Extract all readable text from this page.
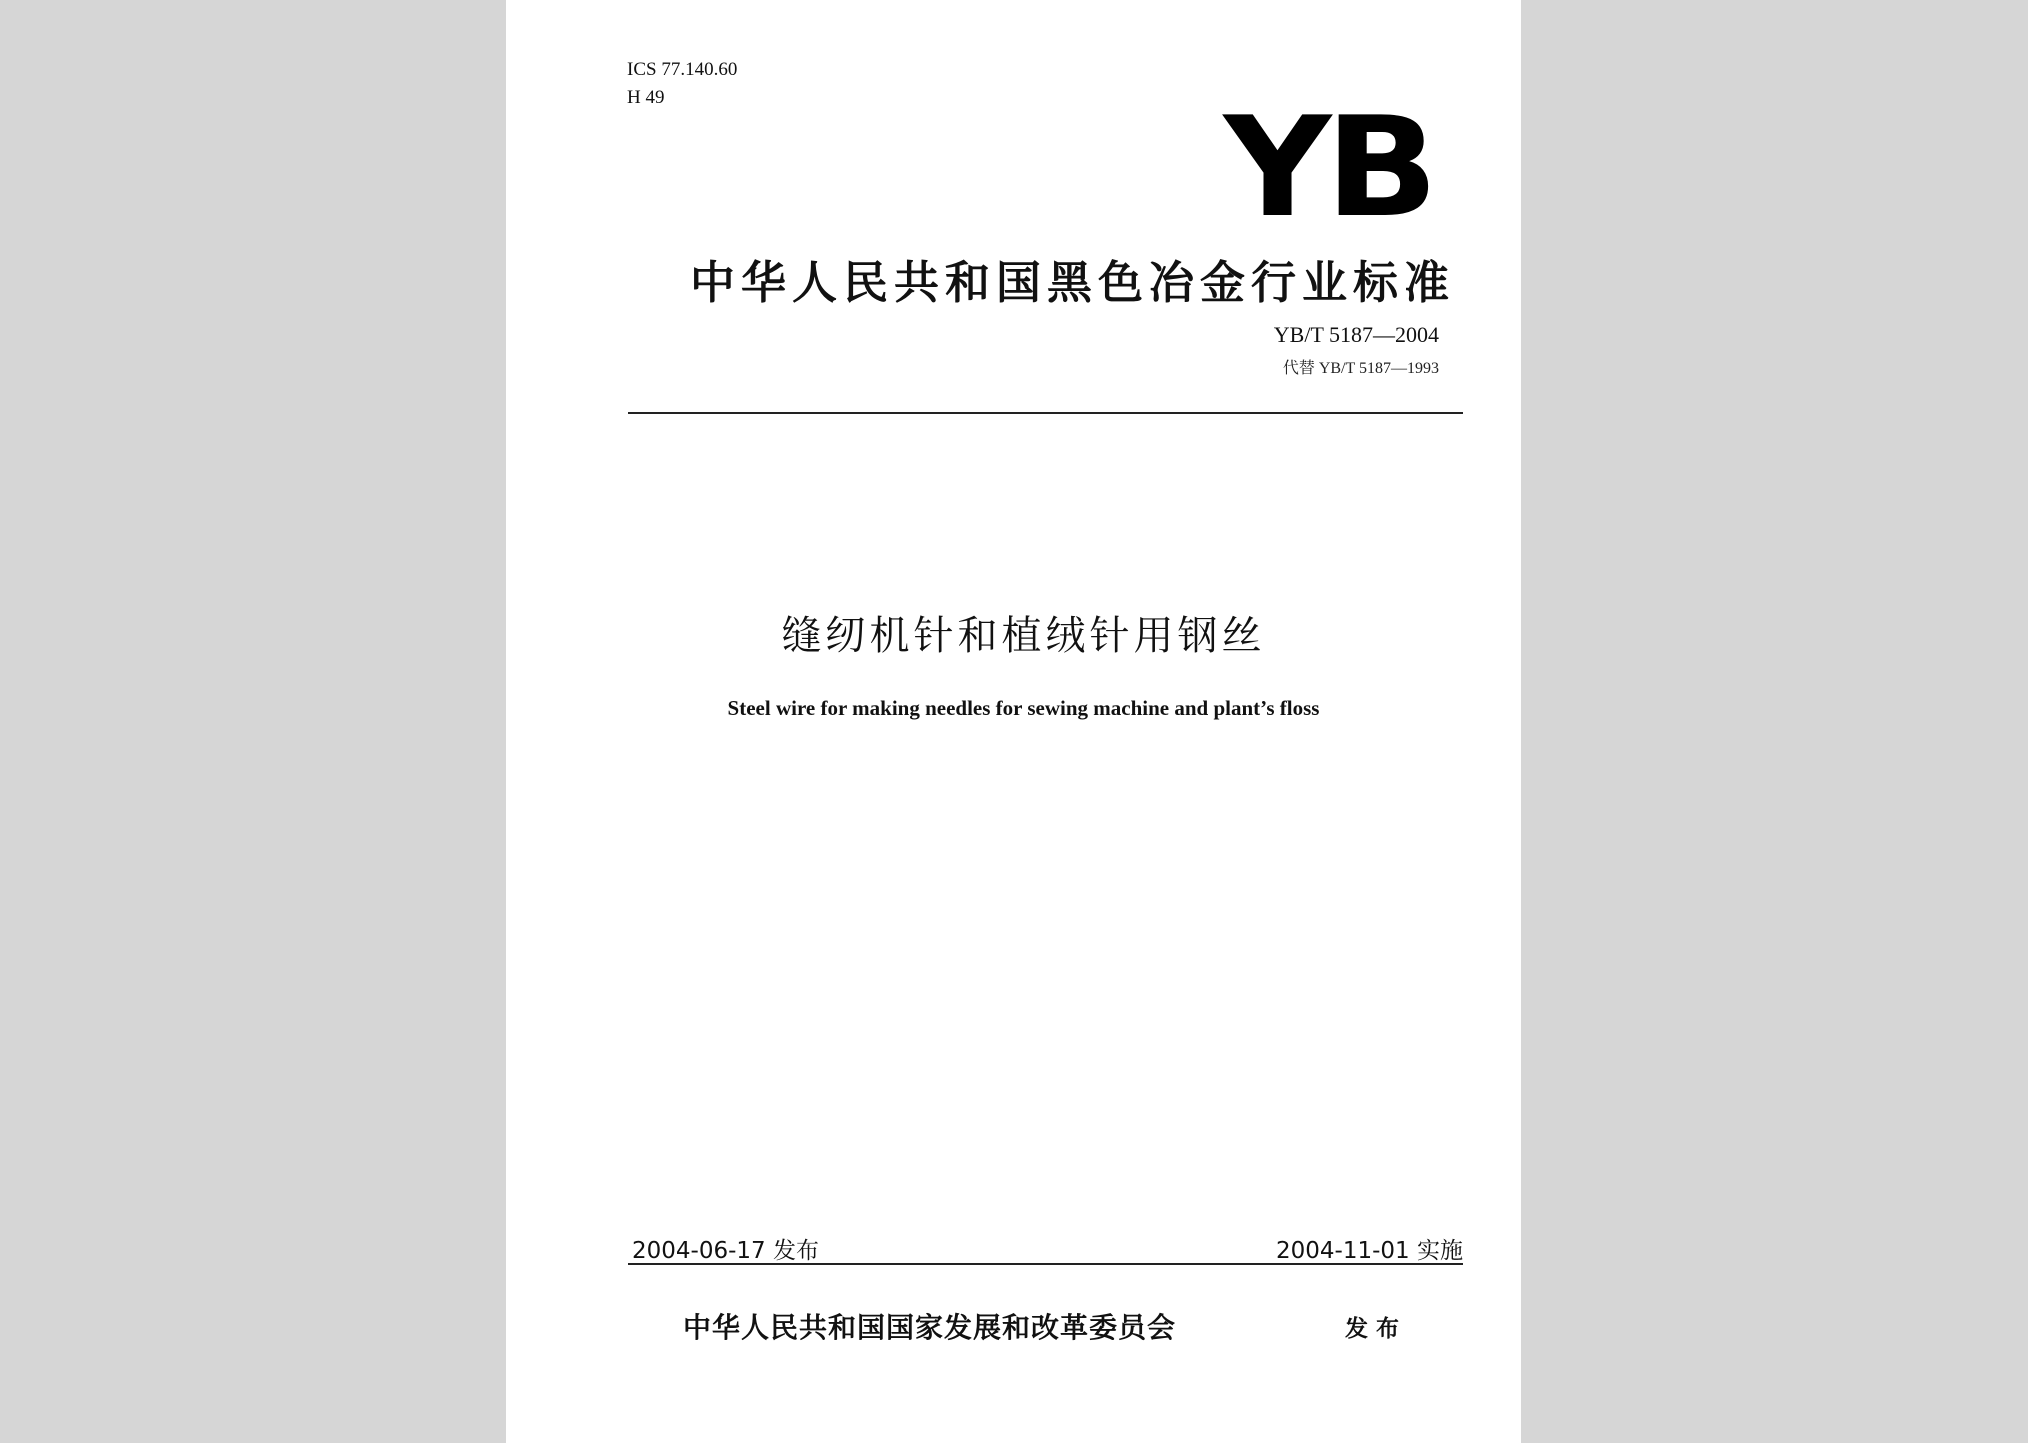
ICS 77.140.60
H 49	YB
中华人民共和国黑色冶金行业标准
YB/T 5187—2004
代替 YB/T 5187—1993
缝纫机针和植绒针用钢丝
Steel wire for making needles for sewing machine and plant’s floss
2004-06-17 发布	2004-11-01 实施
中华人民共和国国家发展和改革委员会	发布
